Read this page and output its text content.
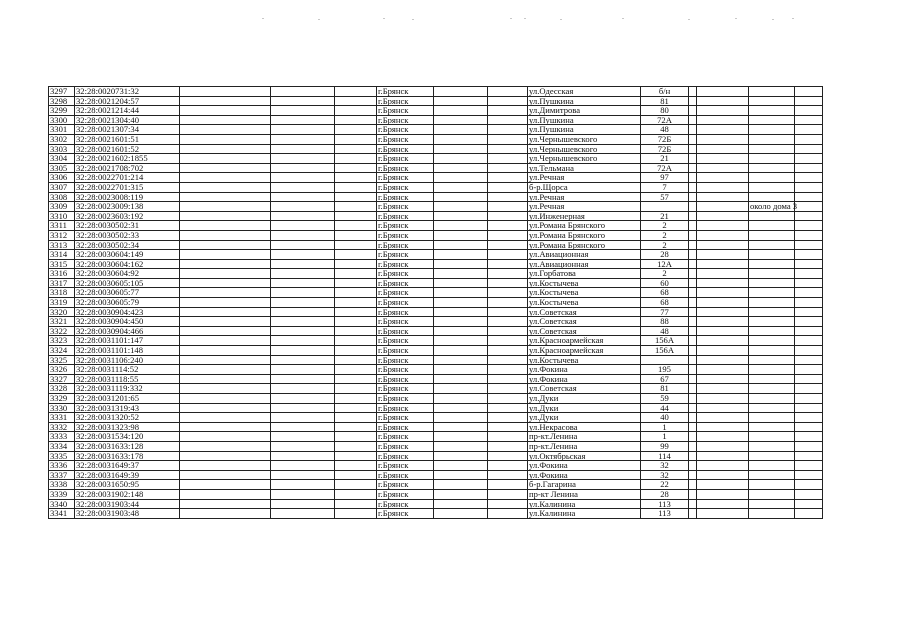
3297	32:28:0020731:32				г.Брянск			ул.Одесская	б/н				
3298	32:28:0021204:57				г.Брянск			ул.Пушкина	81				
3299	32:28:0021214:44				г.Брянск			ул.Димитрова	80				
3300	32:28:0021304:40				г.Брянск			ул.Пушкина	72А				
3301	32:28:0021307:34				г.Брянск			ул.Пушкина	48				
3302	32:28:0021601:51				г.Брянск			ул.Чернышевского	72Б				
3303	32:28:0021601:52				г.Брянск			ул.Чернышевского	72Б				
3304	32:28:0021602:1855				г.Брянск			ул.Чернышевского	21				
3305	32:28:0021708:702				г.Брянск			ул.Тельмана	72А				
3306	32:28:0022701:214				г.Брянск			ул.Речная	97				
3307	32:28:0022701:315				г.Брянск			б-р.Щорса	7				
3308	32:28:0023008:119				г.Брянск			ул.Речная	57				
3309	32:28:0023009:138				г.Брянск			ул.Речная				около дома 3	
3310	32:28:0023603:192				г.Брянск			ул.Инженерная	21				
3311	32:28:0030502:31				г.Брянск			ул.Романа Брянского	2				
3312	32:28:0030502:33				г.Брянск			ул.Романа Брянского	2				
3313	32:28:0030502:34				г.Брянск			ул.Романа Брянского	2				
3314	32:28:0030604:149				г.Брянск			ул.Авиационная	28				
3315	32:28:0030604:162				г.Брянск			ул.Авиационная	12А				
3316	32:28:0030604:92				г.Брянск			ул.Горбатова	2				
3317	32:28:0030605:105				г.Брянск			ул.Костычева	60				
3318	32:28:0030605:77				г.Брянск			ул.Костычева	68				
3319	32:28:0030605:79				г.Брянск			ул.Костычева	68				
3320	32:28:0030904:423				г.Брянск			ул.Советская	77				
3321	32:28:0030904:450				г.Брянск			ул.Советская	88				
3322	32:28:0030904:466				г.Брянск			ул.Советская	48				
3323	32:28:0031101:147				г.Брянск			ул.Красноармейская	156А				
3324	32:28:0031101:148				г.Брянск			ул.Красноармейская	156А				
3325	32:28:0031106:240				г.Брянск			ул.Костычева					
3326	32:28:0031114:52				г.Брянск			ул.Фокина	195				
3327	32:28:0031118:55				г.Брянск			ул.Фокина	67				
3328	32:28:0031119:332				г.Брянск			ул.Советская	81				
3329	32:28:0031201:65				г.Брянск			ул.Дуки	59				
3330	32:28:0031319:43				г.Брянск			ул.Дуки	44				
3331	32:28:0031320:52				г.Брянск			ул.Дуки	40				
3332	32:28:0031323:98				г.Брянск			ул.Некрасова	1				
3333	32:28:0031534:120				г.Брянск			пр-кт.Ленина	1				
3334	32:28:0031633:128				г.Брянск			пр-кт.Ленина	99				
3335	32:28:0031633:178				г.Брянск			ул.Октябрьская	114				
3336	32:28:0031649:37				г.Брянск			ул.Фокина	32				
3337	32:28:0031649:39				г.Брянск			ул.Фокина	32				
3338	32:28:0031650:95				г.Брянск			б-р.Гагарина	22				
3339	32:28:0031902:148				г.Брянск			пр-кт Ленина	28				
3340	32:28:0031903:44				г.Брянск			ул.Калинина	113				
3341	32:28:0031903:48				г.Брянск			ул.Калинина	113				
